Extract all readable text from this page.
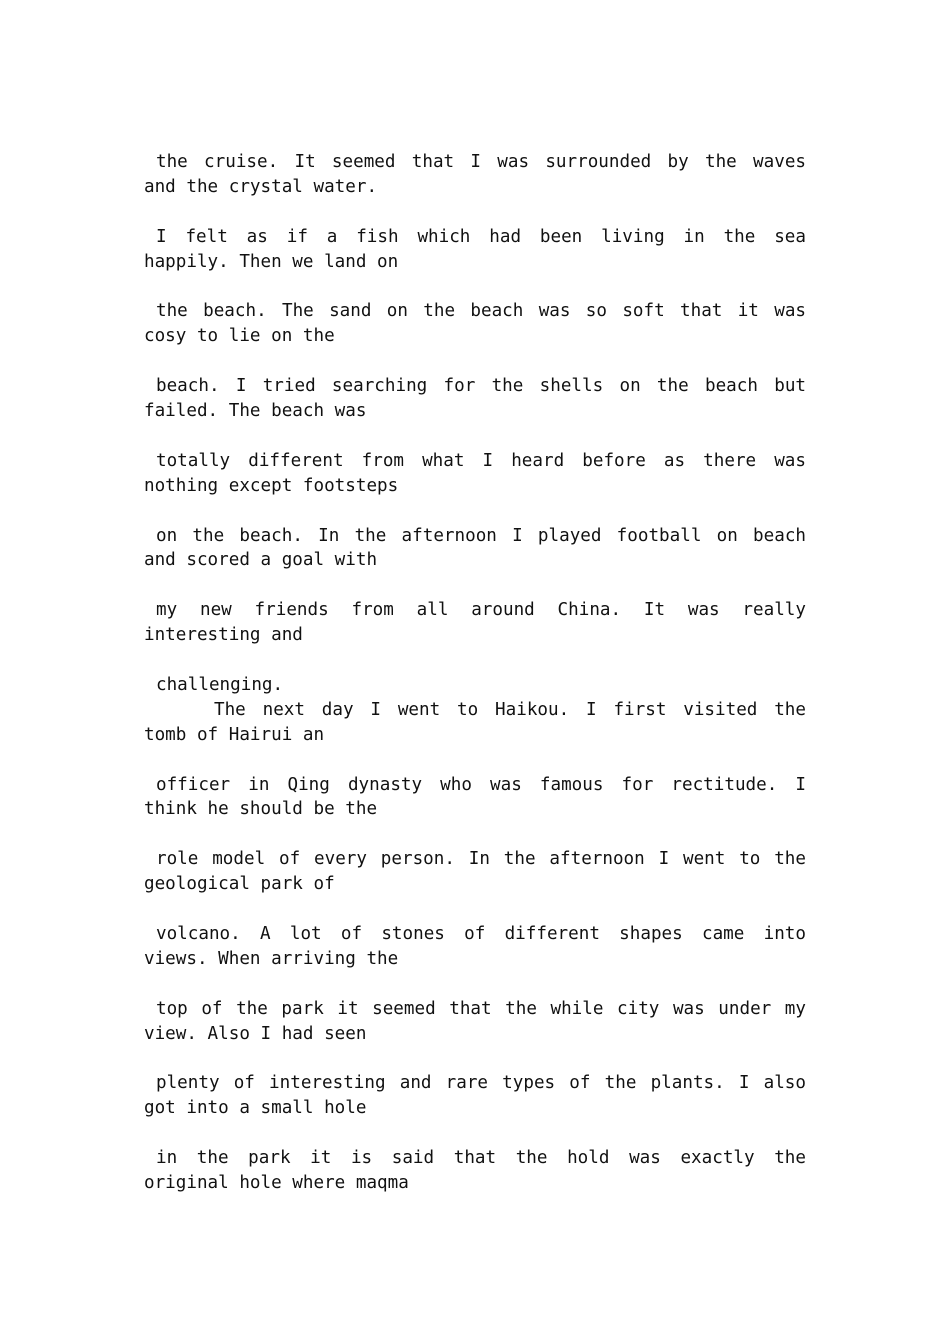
the cruise. It seemed that I was surrounded by the waves
and the crystal water.

I felt as if a fish which had been living in the sea
happily. Then we land on

the beach. The sand on the beach was so soft that it was
cosy to lie on the

beach. I tried searching for the shells on the beach but
failed. The beach was

totally different from what I heard before as there was
nothing except footsteps

on the beach. In the afternoon I played football on beach
and scored a goal with

my new friends from all around China. It was really
interesting and

challenging.
The next day I went to Haikou. I first visited the
tomb of Hairui an

officer in Qing dynasty who was famous for rectitude. I
think he should be the

role model of every person. In the afternoon I went to the
geological park of

volcano. A lot of stones of different shapes came into
views. When arriving the

top of the park it seemed that the while city was under my
view. Also I had seen

plenty of interesting and rare types of the plants. I also
got into a small hole

in the park it is said that the hold was exactly the
original hole where maqma
